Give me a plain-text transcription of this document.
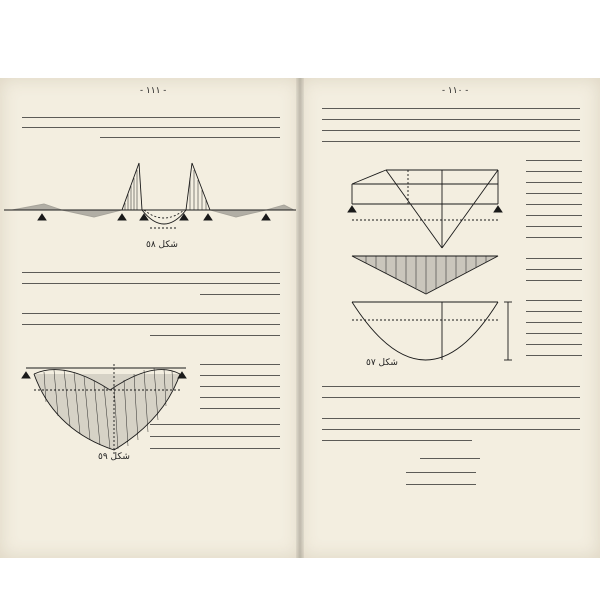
- ١١١ -	- ١١٠ -
شكل ٥٨
شكل ٥٩
شكل ٥٧
